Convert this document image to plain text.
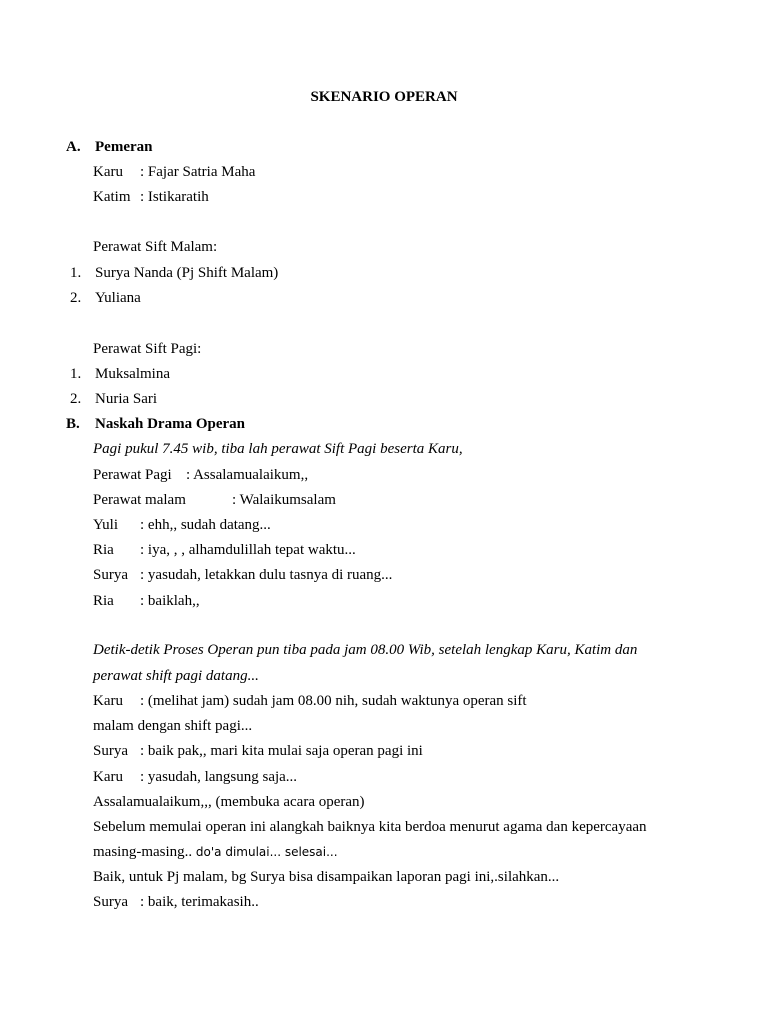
SKENARIO OPERAN
A. Pemeran
Karu : Fajar Satria Maha
Katim : Istikaratih
Perawat Sift Malam:
1. Surya Nanda (Pj Shift Malam)
2. Yuliana
Perawat Sift Pagi:
1. Muksalmina
2. Nuria Sari
B. Naskah Drama Operan
Pagi pukul 7.45 wib, tiba lah perawat Sift Pagi beserta Karu,
Perawat Pagi : Assalamualaikum,,
Perawat malam	: Walaikumsalam
Yuli : ehh,, sudah datang...
Ria : iya, , , alhamdulillah tepat waktu...
Surya : yasudah, letakkan dulu tasnya di ruang...
Ria : baiklah,,
Detik-detik Proses Operan pun tiba pada jam 08.00 Wib, setelah lengkap Karu, Katim dan
perawat shift pagi datang...
Karu : (melihat jam) sudah jam 08.00 nih, sudah waktunya operan sift
malam dengan shift pagi...
Surya : baik pak,, mari kita mulai saja operan pagi ini
Karu : yasudah, langsung saja...
Assalamualaikum,,, (membuka acara operan)
Sebelum memulai operan ini alangkah baiknya kita berdoa menurut agama dan kepercayaan
masing-masing.. do'a dimulai... selesai...
Baik, untuk Pj malam, bg Surya bisa disampaikan laporan pagi ini,.silahkan...
Surya : baik, terimakasih..
